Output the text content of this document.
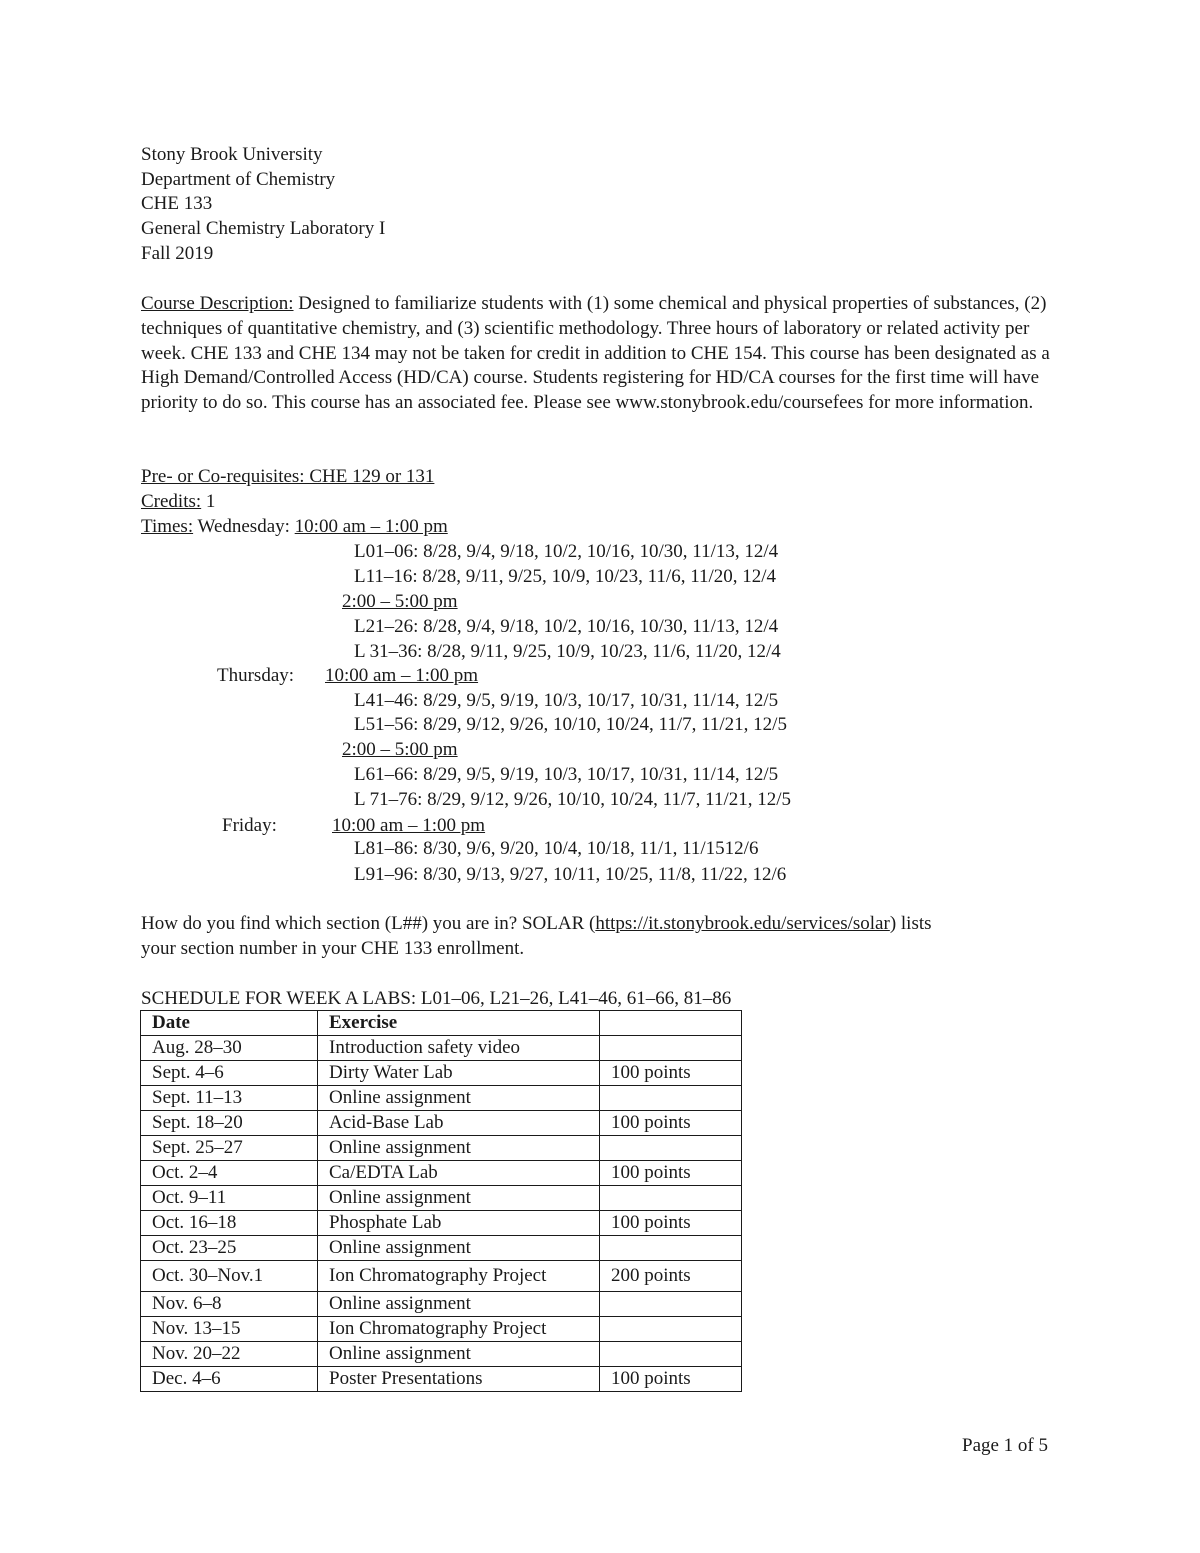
Stony Brook University
Department of Chemistry
CHE 133
General Chemistry Laboratory I
Fall 2019
Course Description: Designed to familiarize students with (1) some chemical and physical properties of substances, (2) techniques of quantitative chemistry, and (3) scientific methodology. Three hours of laboratory or related activity per week. CHE 133 and CHE 134 may not be taken for credit in addition to CHE 154. This course has been designated as a High Demand/Controlled Access (HD/CA) course. Students registering for HD/CA courses for the first time will have priority to do so. This course has an associated fee. Please see www.stonybrook.edu/coursefees for more information.
Pre- or Co-requisites: CHE 129 or 131
Credits: 1
Times: Wednesday: 10:00 am – 1:00 pm
L01–06: 8/28, 9/4, 9/18, 10/2, 10/16, 10/30, 11/13, 12/4
L11–16: 8/28, 9/11, 9/25, 10/9, 10/23, 11/6, 11/20, 12/4
2:00 – 5:00 pm
L21–26: 8/28, 9/4, 9/18, 10/2, 10/16, 10/30, 11/13, 12/4
L 31–36: 8/28, 9/11, 9/25, 10/9, 10/23, 11/6, 11/20, 12/4
Thursday: 10:00 am – 1:00 pm
L41–46: 8/29, 9/5, 9/19, 10/3, 10/17, 10/31, 11/14, 12/5
L51–56: 8/29, 9/12, 9/26, 10/10, 10/24, 11/7, 11/21, 12/5
2:00 – 5:00 pm
L61–66: 8/29, 9/5, 9/19, 10/3, 10/17, 10/31, 11/14, 12/5
L 71–76: 8/29, 9/12, 9/26, 10/10, 10/24, 11/7, 11/21, 12/5
Friday:	10:00 am – 1:00 pm
L81–86: 8/30, 9/6, 9/20, 10/4, 10/18, 11/1, 11/1512/6
L91–96: 8/30, 9/13, 9/27, 10/11, 10/25, 11/8, 11/22, 12/6
How do you find which section (L##) you are in? SOLAR (https://it.stonybrook.edu/services/solar) lists
your section number in your CHE 133 enrollment.
SCHEDULE FOR WEEK A LABS: L01–06, L21–26, L41–46, 61–66, 81–86
Date	Exercise	
Aug. 28–30	Introduction safety video	
Sept. 4–6	Dirty Water Lab	100 points
Sept. 11–13	Online assignment	
Sept. 18–20	Acid-Base Lab	100 points
Sept. 25–27	Online assignment	
Oct. 2–4	Ca/EDTA Lab	100 points
Oct. 9–11	Online assignment	
Oct. 16–18	Phosphate Lab	100 points
Oct. 23–25	Online assignment	
Oct. 30–Nov.1	Ion Chromatography Project	200 points
Nov. 6–8	Online assignment	
Nov. 13–15	Ion Chromatography Project	
Nov. 20–22	Online assignment	
Dec. 4–6	Poster Presentations	100 points
Page 1 of 5
